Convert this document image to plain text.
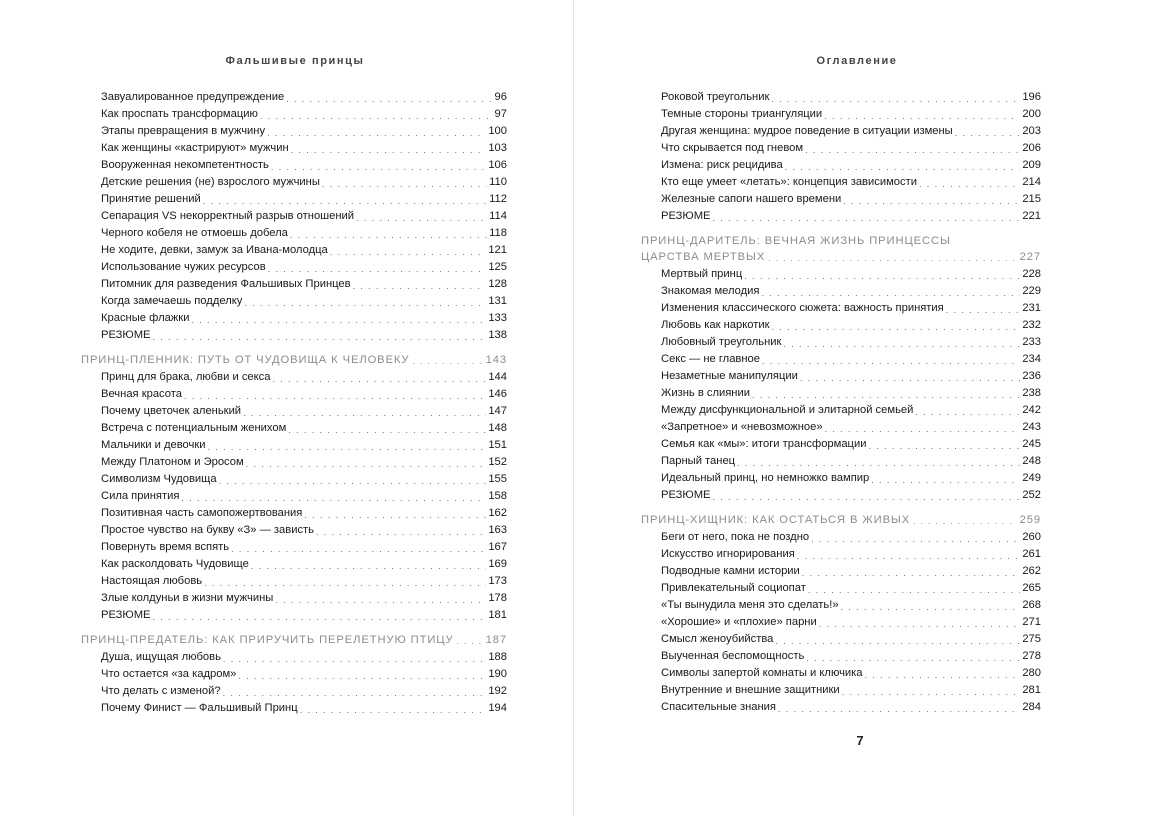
Фальшивые принцы
Завуалированное предупреждение . . .	96
Как проспать трансформацию . . .	97
Этапы превращения в мужчину . . .	100
Как женщины «кастрируют» мужчин . . .	103
Вооруженная некомпетентность . . .	106
Детские решения (не) взрослого мужчины . . .	110
Принятие решений . . .	112
Сепарация VS некорректный разрыв отношений . . .	114
Черного кобеля не отмоешь добела . . .	118
Не ходите, девки, замуж за Ивана-молодца . . .	121
Использование чужих ресурсов . . .	125
Питомник для разведения Фальшивых Принцев . . .	128
Когда замечаешь подделку . . .	131
Красные флажки . . .	133
РЕЗЮМЕ . . .	138
ПРИНЦ-ПЛЕННИК: ПУТЬ ОТ ЧУДОВИЩА К ЧЕЛОВЕКУ . . .	143
Принц для брака, любви и секса . . .	144
Вечная красота . . .	146
Почему цветочек аленький . . .	147
Встреча с потенциальным женихом . . .	148
Мальчики и девочки . . .	151
Между Платоном и Эросом . . .	152
Символизм Чудовища . . .	155
Сила принятия . . .	158
Позитивная часть самопожертвования . . .	162
Простое чувство на букву «З» — зависть . . .	163
Повернуть время вспять . . .	167
Как расколдовать Чудовище . . .	169
Настоящая любовь . . .	173
Злые колдуньи в жизни мужчины . . .	178
РЕЗЮМЕ . . .	181
ПРИНЦ-ПРЕДАТЕЛЬ: КАК ПРИРУЧИТЬ ПЕРЕЛЕТНУЮ ПТИЦУ . . .	187
Душа, ищущая любовь . . .	188
Что остается «за кадром» . . .	190
Что делать с изменой? . . .	192
Почему Финист — Фальшивый Принц . . .	194
Оглавление
Роковой треугольник . . .	196
Темные стороны триангуляции . . .	200
Другая женщина: мудрое поведение в ситуации измены . . .	203
Что скрывается под гневом . . .	206
Измена: риск рецидива . . .	209
Кто еще умеет «летать»: концепция зависимости . . .	214
Железные сапоги нашего времени . . .	215
РЕЗЮМЕ . . .	221
ПРИНЦ-ДАРИТЕЛЬ: ВЕЧНАЯ ЖИЗНЬ ПРИНЦЕССЫ
ЦАРСТВА МЕРТВЫХ . . .	227
Мертвый принц . . .	228
Знакомая мелодия . . .	229
Изменения классического сюжета: важность принятия . . .	231
Любовь как наркотик . . .	232
Любовный треугольник . . .	233
Секс — не главное . . .	234
Незаметные манипуляции . . .	236
Жизнь в слиянии . . .	238
Между дисфункциональной и элитарной семьей . . .	242
«Запретное» и «невозможное» . . .	243
Семья как «мы»: итоги трансформации . . .	245
Парный танец . . .	248
Идеальный принц, но немножко вампир . . .	249
РЕЗЮМЕ . . .	252
ПРИНЦ-ХИЩНИК: КАК ОСТАТЬСЯ В ЖИВЫХ . . .	259
Беги от него, пока не поздно . . .	260
Искусство игнорирования . . .	261
Подводные камни истории . . .	262
Привлекательный социопат . . .	265
«Ты вынудила меня это сделать!» . . .	268
«Хорошие» и «плохие» парни . . .	271
Смысл женоубийства . . .	275
Выученная беспомощность . . .	278
Символы запертой комнаты и ключика . . .	280
Внутренние и внешние защитники . . .	281
Спасительные знания . . .	284
7
